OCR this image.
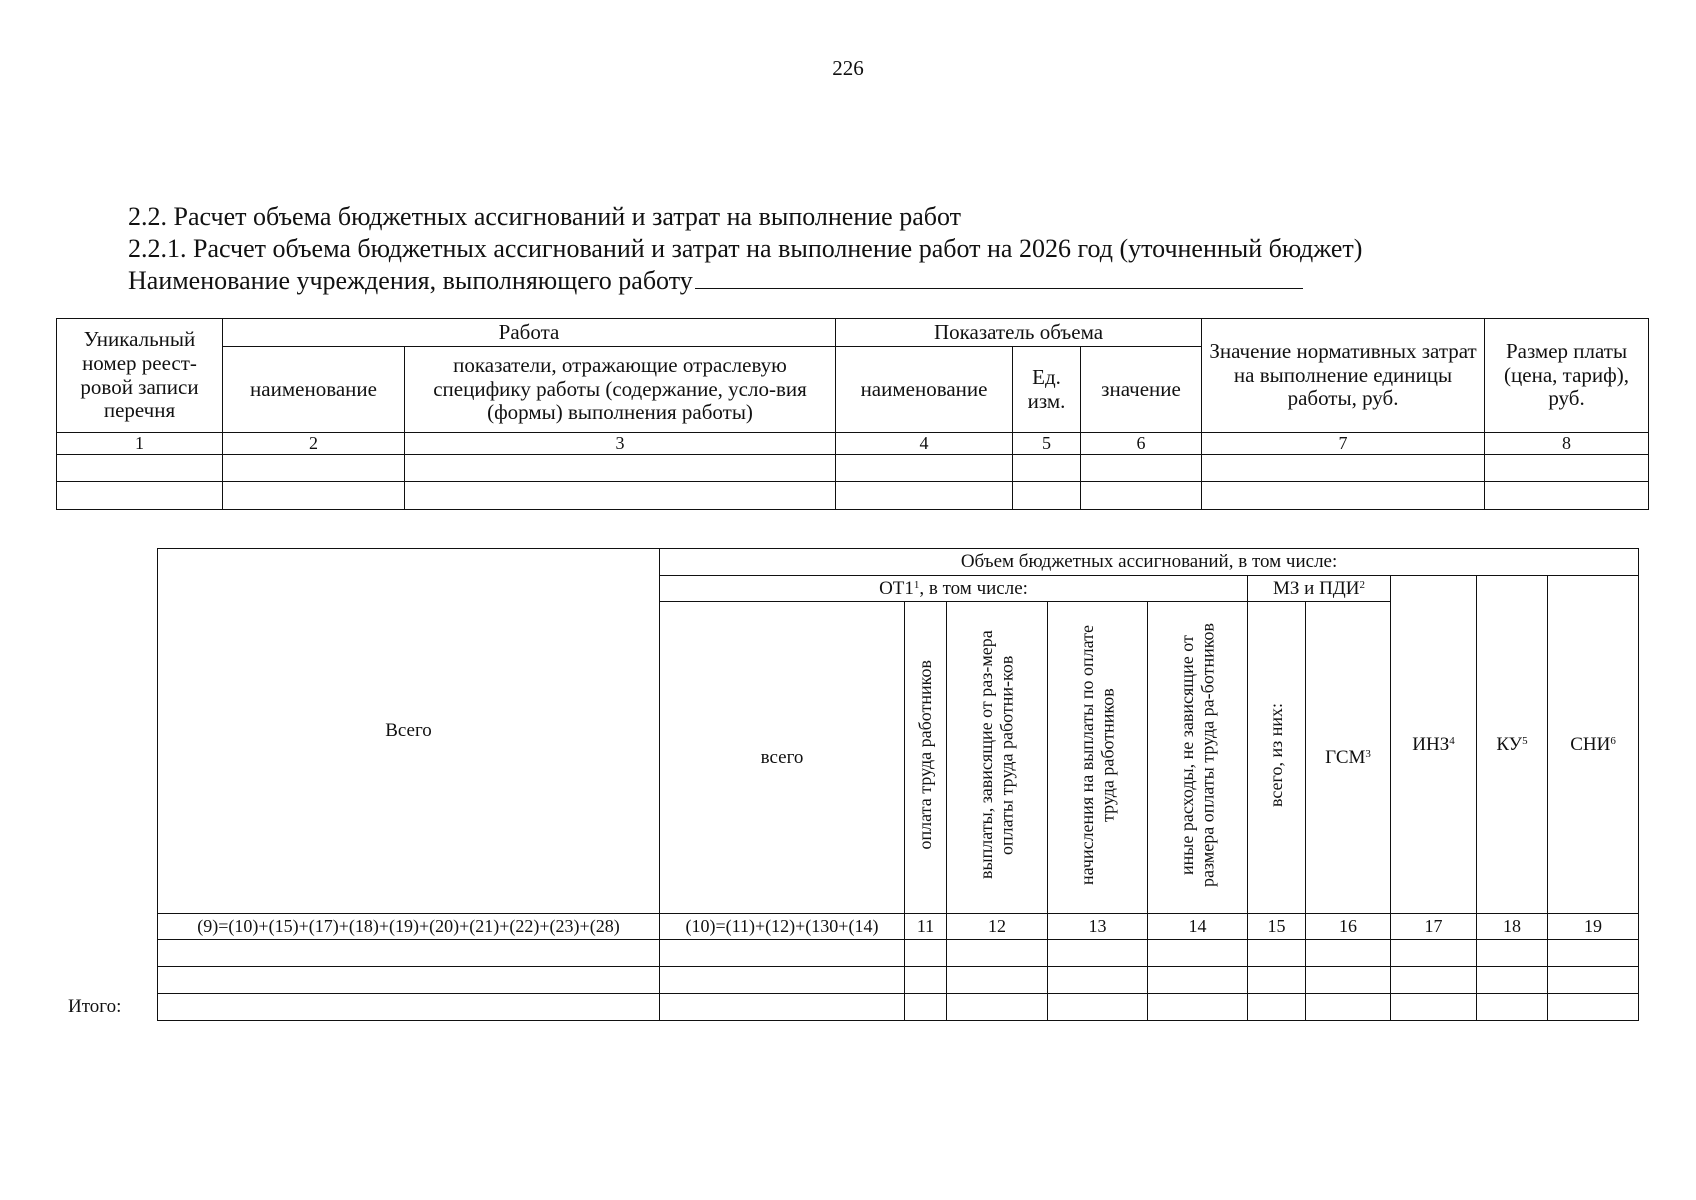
226
2.2. Расчет объема бюджетных ассигнований и затрат на выполнение работ
2.2.1. Расчет объема бюджетных ассигнований и затрат на выполнение работ на 2026 год (уточненный бюджет)
Наименование учреждения, выполняющего работу
Уникальный номер реест-ровой записи перечня	Работа		Показатель объема			Значение нормативных затрат на выполнение единицы работы, руб.	Размер платы (цена, тариф), руб.
	наименование	показатели, отражающие отраслевую специфику работы (содержание, усло-вия (формы) выполнения работы)	наименование	Ед. изм.	значение		
1	2	3	4	5	6	7	8

Всего	Объем бюджетных ассигнований, в том числе:									
	$ОТ1^1$, в том числе:					МЗ и ПДИ$^2$		ИНЗ$^4$	$КУ^5$	СНИ$^6$
	всего	оплата труда работников	выплаты, зависящие от раз-мера оплаты труда работни-ков	начисления на выплаты по оплате труда работников	иные расходы, не зависящие от размера оплаты труда ра-ботников	всего, из них:	ГСМ$^3$
(9)=(10)+(15)+(17)+(18)+(19)+(20)+(21)+(22)+(23)+(28)	(10)=(11)+(12)+(130+(14)	11	12	13	14	15	16	17	18	19

Итого:
